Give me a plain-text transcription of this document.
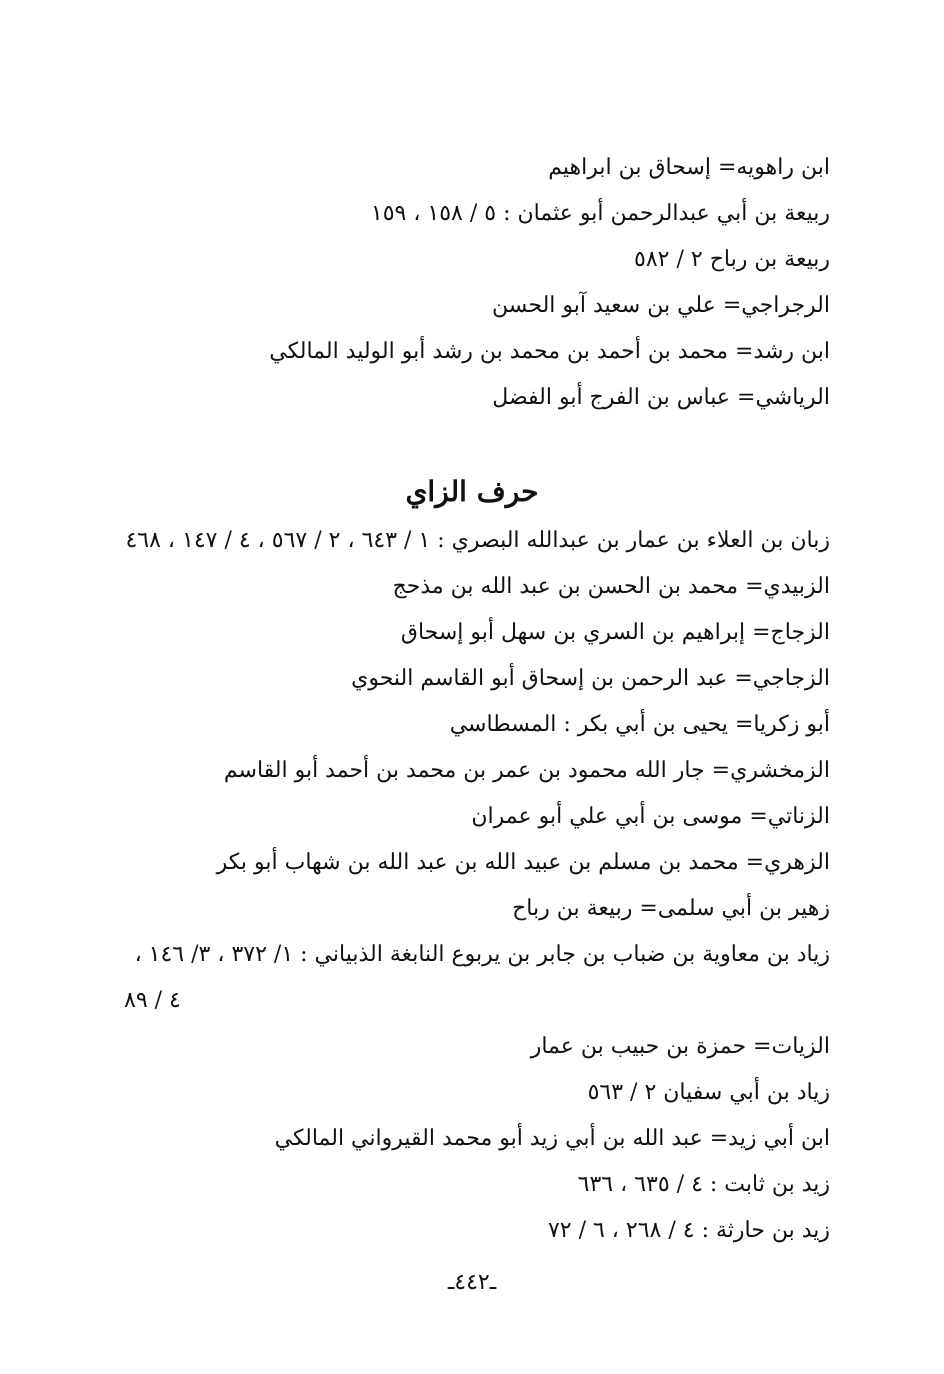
ابن راهويه= إسحاق بن ابراهيم
ربيعة بن أبي عبدالرحمن أبو عثمان : ٥ / ١٥٨ ، ١٥٩
ربيعة بن رباح ٢ / ٥٨٢
الرجراجي= علي بن سعيد آبو الحسن
ابن رشد= محمد بن أحمد بن محمد بن رشد أبو الوليد المالكي
الرياشي= عباس بن الفرج أبو الفضل
حرف الزاي
زبان بن العلاء بن عمار بن عبدالله البصري : ١ / ٦٤٣ ، ٢ / ٥٦٧ ، ٤ / ١٤٧ ، ٤٦٨
الزبيدي= محمد بن الحسن بن عبد الله بن مذحج
الزجاج= إبراهيم بن السري بن سهل أبو إسحاق
الزجاجي= عبد الرحمن بن إسحاق أبو القاسم النحوي
أبو زكريا= يحيى بن أبي بكر : المسطاسي
الزمخشري= جار الله محمود بن عمر بن محمد بن أحمد أبو القاسم
الزناتي= موسى بن أبي علي أبو عمران
الزهري= محمد بن مسلم بن عبيد الله بن عبد الله بن شهاب أبو بكر
زهير بن أبي سلمى= ربيعة بن رباح
زياد بن معاوية بن ضباب بن جابر بن يربوع النابغة الذبياني : ١/ ٣٧٢ ، ٣/ ١٤٦ ،
٤ / ٨٩
الزيات= حمزة بن حبيب بن عمار
زياد بن أبي سفيان ٢ / ٥٦٣
ابن أبي زيد= عبد الله بن أبي زيد أبو محمد القيرواني المالكي
زيد بن ثابت : ٤ / ٦٣٥ ، ٦٣٦
زيد بن حارثة : ٤ / ٢٦٨ ، ٦ / ٧٢
ـ٤٤٢ـ
